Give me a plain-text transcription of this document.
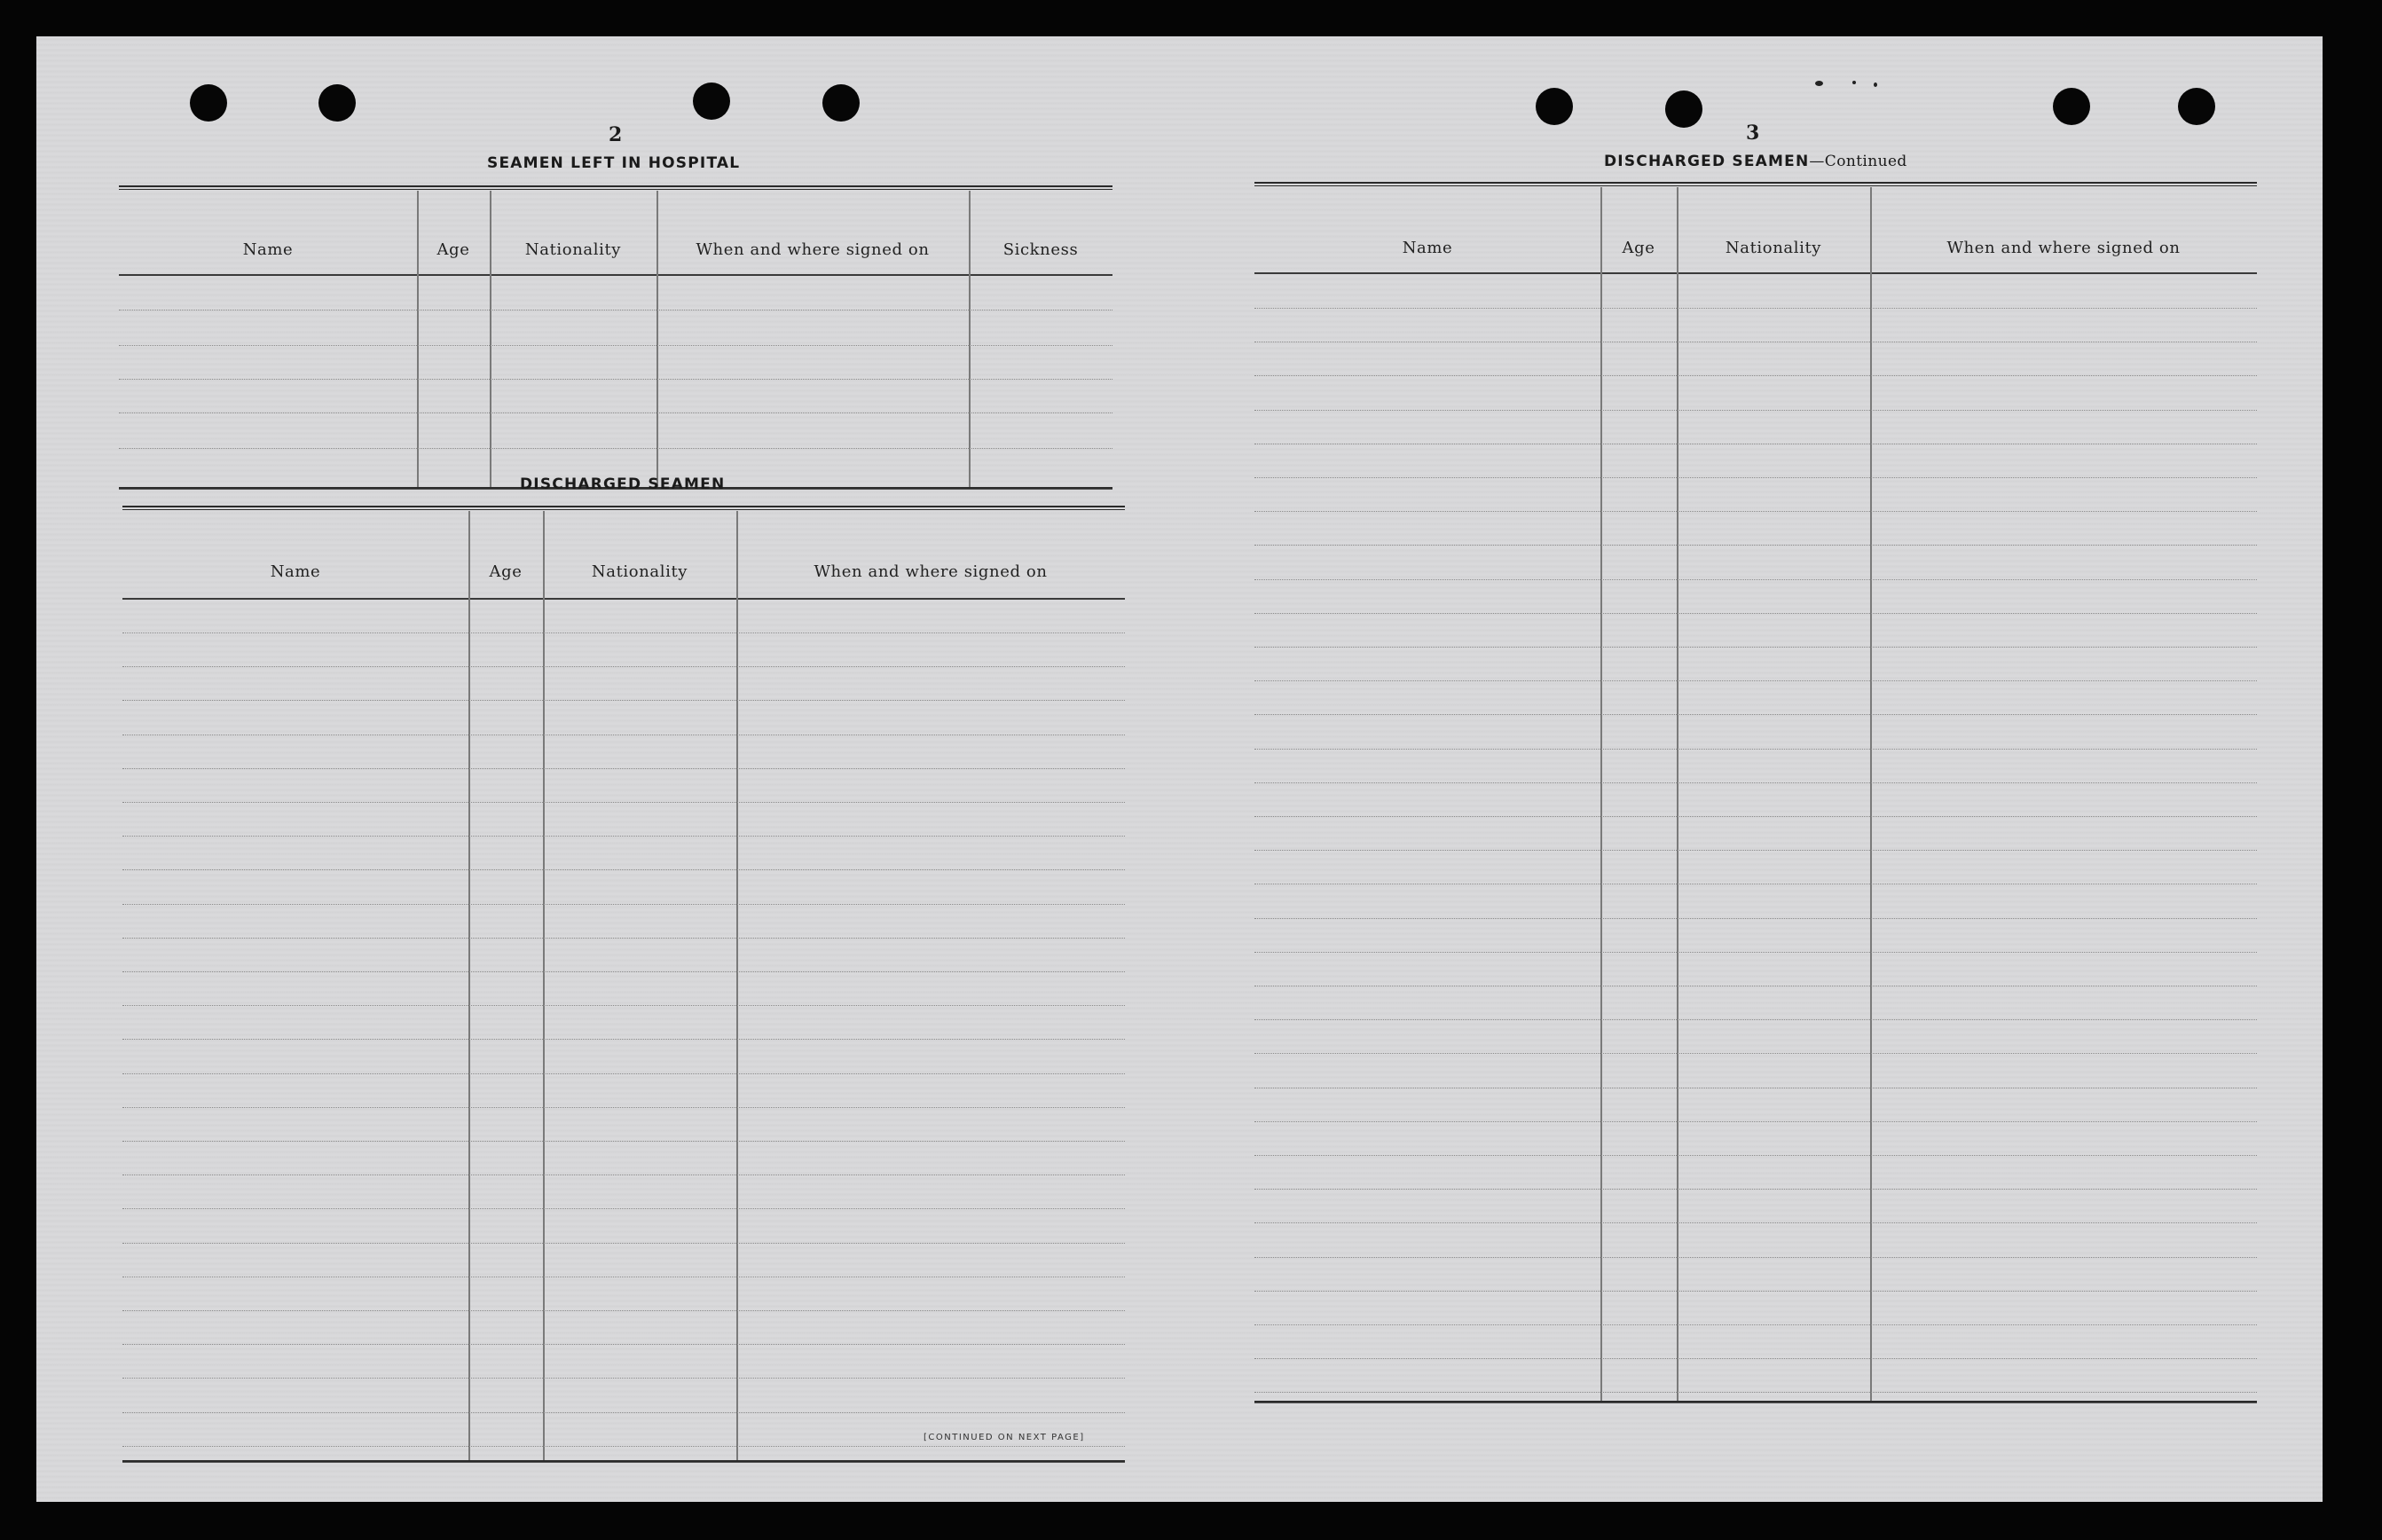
2
SEAMEN LEFT IN HOSPITAL
Name	Age	Nationality	When and where signed on	Sickness
DISCHARGED SEAMEN
Name	Age	Nationality	When and where signed on
[CONTINUED ON NEXT PAGE]
3
DISCHARGED SEAMEN—Continued
Name	Age	Nationality	When and where signed on
